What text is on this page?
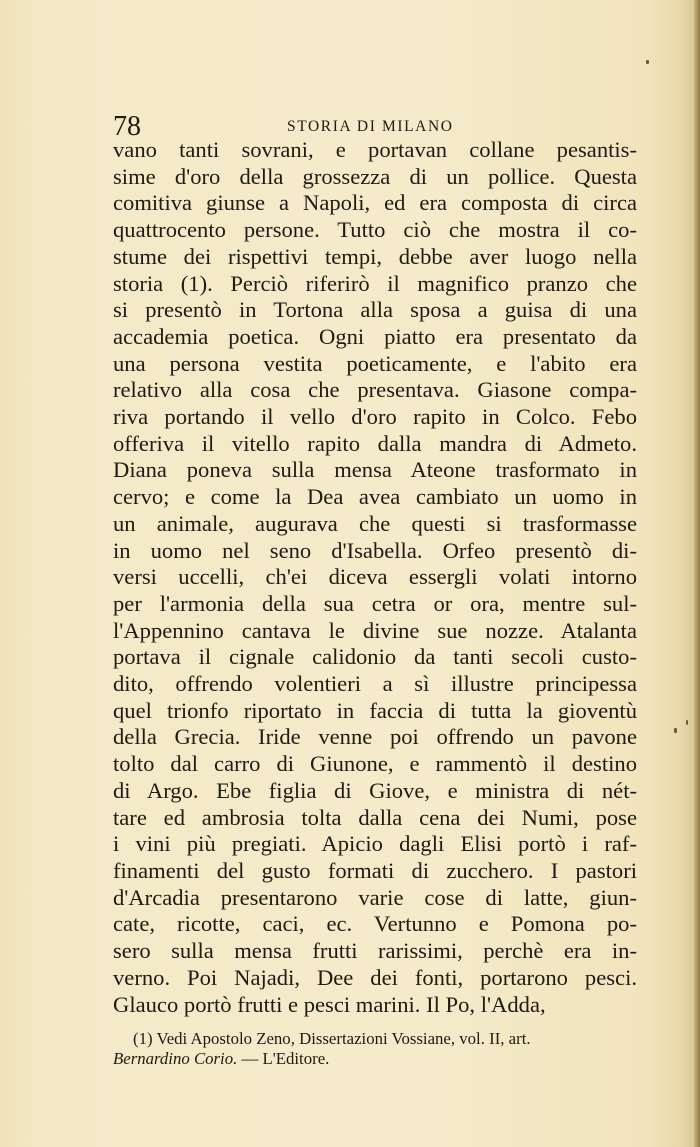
78	STORIA DI MILANO
vano tanti sovrani, e portavan collane pesantis-
sime d'oro della grossezza di un pollice. Questa
comitiva giunse a Napoli, ed era composta di circa
quattrocento persone. Tutto ciò che mostra il co-
stume dei rispettivi tempi, debbe aver luogo nella
storia (1). Perciò riferirò il magnifico pranzo che
si presentò in Tortona alla sposa a guisa di una
accademia poetica. Ogni piatto era presentato da
una persona vestita poeticamente, e l'abito era
relativo alla cosa che presentava. Giasone compa-
riva portando il vello d'oro rapito in Colco. Febo
offeriva il vitello rapito dalla mandra di Admeto.
Diana poneva sulla mensa Ateone trasformato in
cervo; e come la Dea avea cambiato un uomo in
un animale, augurava che questi si trasformasse
in uomo nel seno d'Isabella. Orfeo presentò di-
versi uccelli, ch'ei diceva essergli volati intorno
per l'armonia della sua cetra or ora, mentre sul-
l'Appennino cantava le divine sue nozze. Atalanta
portava il cignale calidonio da tanti secoli custo-
dito, offrendo volentieri a sì illustre principessa
quel trionfo riportato in faccia di tutta la gioventù
della Grecia. Iride venne poi offrendo un pavone
tolto dal carro di Giunone, e rammentò il destino
di Argo. Ebe figlia di Giove, e ministra di nét-
tare ed ambrosia tolta dalla cena dei Numi, pose
i vini più pregiati. Apicio dagli Elisi portò i raf-
finamenti del gusto formati di zucchero. I pastori
d'Arcadia presentarono varie cose di latte, giun-
cate, ricotte, caci, ec. Vertunno e Pomona po-
sero sulla mensa frutti rarissimi, perchè era in-
verno. Poi Najadi, Dee dei fonti, portarono pesci.
Glauco portò frutti e pesci marini. Il Po, l'Adda,
(1) Vedi Apostolo Zeno, Dissertazioni Vossiane, vol. II, art.
Bernardino Corio. — L'Editore.
